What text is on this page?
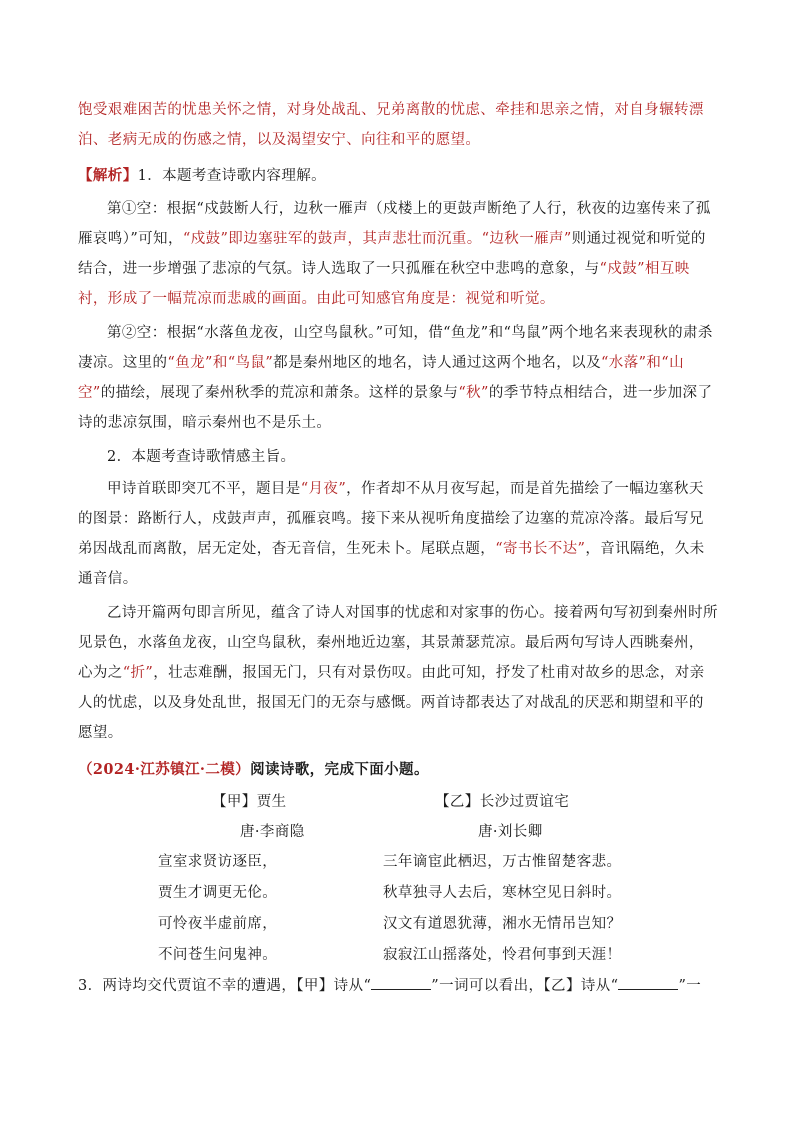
饱受艰难困苦的忧患关怀之情，对身处战乱、兄弟离散的忧虑、牵挂和思亲之情，对自身辗转漂泊、老病无成的伤感之情，以及渴望安宁、向往和平的愿望。
【解析】1．本题考查诗歌内容理解。
第①空：根据“戍鼓断人行，边秋一雁声（戍楼上的更鼓声断绝了人行，秋夜的边塞传来了孤雁哀鸣）”可知，“戍鼓”即边塞驻军的鼓声，其声悲壮而沉重。“边秋一雁声”则通过视觉和听觉的结合，进一步增强了悲凉的气氛。诗人选取了一只孤雁在秋空中悲鸣的意象，与“戍鼓”相互映衬，形成了一幅荒凉而悲戚的画面。由此可知感官角度是：视觉和听觉。
第②空：根据“水落鱼龙夜，山空鸟鼠秋。”可知，借“鱼龙”和“鸟鼠”两个地名来表现秋的肃杀凄凉。这里的“鱼龙”和“鸟鼠”都是秦州地区的地名，诗人通过这两个地名，以及“水落”和“山空”的描绘，展现了秦州秋季的荒凉和萧条。这样的景象与“秋”的季节特点相结合，进一步加深了诗的悲凉氛围，暗示秦州也不是乐土。
2．本题考查诗歌情感主旨。
甲诗首联即突兀不平，题目是“月夜”，作者却不从月夜写起，而是首先描绘了一幅边塞秋天的图景：路断行人，戍鼓声声，孤雁哀鸣。接下来从视听角度描绘了边塞的荒凉冷落。最后写兄弟因战乱而离散，居无定处，杳无音信，生死未卜。尾联点题，“寄书长不达”，音讯隔绝，久未通音信。
乙诗开篇两句即言所见，蕴含了诗人对国事的忧虑和对家事的伤心。接着两句写初到秦州时所见景色，水落鱼龙夜，山空鸟鼠秋，秦州地近边塞，其景萧瑟荒凉。最后两句写诗人西眺秦州，心为之“折”，壮志难酬，报国无门，只有对景伤叹。由此可知，抒发了杜甫对故乡的思念，对亲人的忧虑，以及身处乱世，报国无门的无奈与感慨。两首诗都表达了对战乱的厌恶和期望和平的愿望。
（2024·江苏镇江·二模）阅读诗歌，完成下面小题。
【甲】贾生
唐·李商隐
宣室求贤访逐臣，
贾生才调更无伦。
可怜夜半虚前席，
不问苍生问鬼神。
【乙】长沙过贾谊宅
唐·刘长卿
三年谪宦此栖迟，万古惟留楚客悲。
秋草独寻人去后，寒林空见日斜时。
汉文有道恩犹薄，湘水无情吊岂知？
寂寂江山摇落处，怜君何事到天涯！
3．两诗均交代贾谊不幸的遭遇，【甲】诗从“	”一词可以看出，【乙】诗从“	”一
